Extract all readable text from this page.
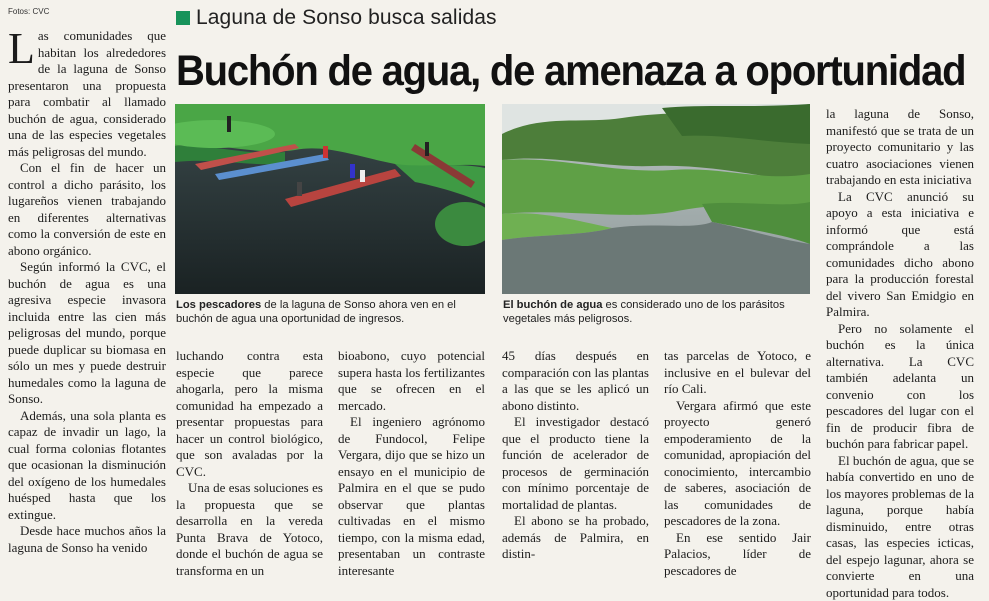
Fotos: CVC	Laguna de Sonso busca salidas
Buchón de agua, de amenaza a oportunidad

Las comunidades que habitan los alrededores de la laguna de Sonso presentaron una propuesta para combatir al llamado buchón de agua, considerado una de las especies vegetales más peligrosas del mundo.

Con el fin de hacer un control a dicho parásito, los lugareños vienen trabajando en diferentes alternativas como la conversión de este en abono orgánico.

Según informó la CVC, el buchón de agua es una agresiva especie invasora incluida entre las cien más peligrosas del mundo, porque puede duplicar su biomasa en sólo un mes y puede destruir humedales como la laguna de Sonso.

Además, una sola planta es capaz de invadir un lago, la cual forma colonias flotantes que ocasionan la disminución del oxígeno de los humedales huésped hasta que los extingue.

Desde hace muchos años la laguna de Sonso ha venido

Los pescadores de la laguna de Sonso ahora ven en el buchón de agua una oportunidad de ingresos.
El buchón de agua es considerado uno de los parásitos vegetales más peligrosos.

luchando contra esta especie que parece ahogarla, pero la misma comunidad ha empezado a presentar propuestas para hacer un control biológico, que son avaladas por la CVC.

Una de esas soluciones es la propuesta que se desarrolla en la vereda Punta Brava de Yotoco, donde el buchón de agua se transforma en un

bioabono, cuyo potencial supera hasta los fertilizantes que se ofrecen en el mercado.

El ingeniero agrónomo de Fundocol, Felipe Vergara, dijo que se hizo un ensayo en el municipio de Palmira en el que se pudo observar que plantas cultivadas en el mismo tiempo, con la misma edad, presentaban un contraste interesante

45 días después en comparación con las plantas a las que se les aplicó un abono distinto.

El investigador destacó que el producto tiene la función de acelerador de procesos de germinación con mínimo porcentaje de mortalidad de plantas.

El abono se ha probado, además de Palmira, en distin-

tas parcelas de Yotoco, e inclusive en el bulevar del río Cali.

Vergara afirmó que este proyecto generó empoderamiento de la comunidad, apropiación del conocimiento, intercambio de saberes, asociación de las comunidades de pescadores de la zona.

En ese sentido Jair Palacios, líder de pescadores de

la laguna de Sonso, manifestó que se trata de un proyecto comunitario y las cuatro asociaciones vienen trabajando en esta iniciativa

La CVC anunció su apoyo a esta iniciativa e informó que está comprándole a las comunidades dicho abono para la producción forestal del vivero San Emidgio en Palmira.

Pero no solamente el buchón es la única alternativa. La CVC también adelanta un convenio con los pescadores del lugar con el fin de producir fibra de buchón para fabricar papel.

El buchón de agua, que se había convertido en uno de los mayores problemas de la laguna, porque había disminuido, entre otras casas, las especies icticas, del espejo lagunar, ahora se convierte en una oportunidad para todos.
